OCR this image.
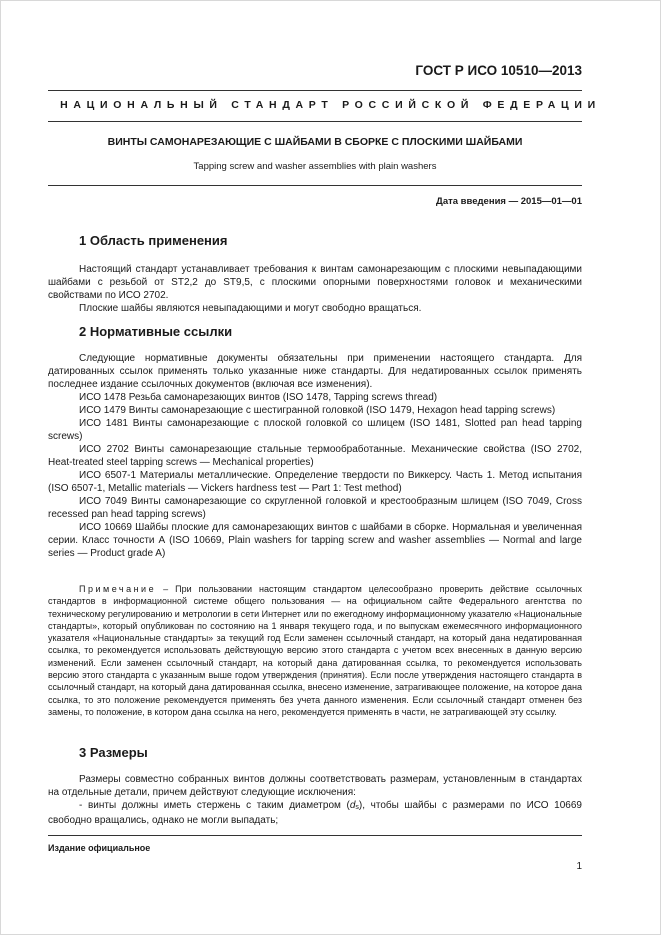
ГОСТ Р ИСО 10510—2013
НАЦИОНАЛЬНЫЙ СТАНДАРТ РОССИЙСКОЙ ФЕДЕРАЦИИ
ВИНТЫ САМОНАРЕЗАЮЩИЕ С ШАЙБАМИ В СБОРКЕ С ПЛОСКИМИ ШАЙБАМИ
Tapping screw and washer assemblies with plain washers
Дата введения — 2015—01—01
1 Область применения

Настоящий стандарт устанавливает требования к винтам самонарезающим с плоскими невыпадающими шайбами с резьбой от ST2,2 до ST9,5, с плоскими опорными поверхностями головок и механическими свойствами по ИСО 2702.

Плоские шайбы являются невыпадающими и могут свободно вращаться.

2 Нормативные ссылки

Следующие нормативные документы обязательны при применении настоящего стандарта. Для датированных ссылок применять только указанные ниже стандарты. Для недатированных ссылок применять последнее издание ссылочных документов (включая все изменения).

ИСО 1478 Резьба самонарезающих винтов (ISO 1478, Tapping screws thread)

ИСО 1479 Винты самонарезающие с шестигранной головкой (ISO 1479, Hexagon head tapping screws)

ИСО 1481 Винты самонарезающие с плоской головкой со шлицем (ISO 1481, Slotted pan head tapping screws)

ИСО 2702 Винты самонарезающие стальные термообработанные. Механические свойства (ISO 2702, Heat-treated steel tapping screws — Mechanical properties)

ИСО 6507-1 Материалы металлические. Определение твердости по Виккерсу. Часть 1. Метод испытания (ISO 6507-1, Metallic materials — Vickers hardness test — Part 1: Test method)

ИСО 7049 Винты самонарезающие со скругленной головкой и крестообразным шлицем (ISO 7049, Cross recessed pan head tapping screws)

ИСО 10669 Шайбы плоские для самонарезающих винтов с шайбами в сборке. Нормальная и увеличенная серии. Класс точности А (ISO 10669, Plain washers for tapping screw and washer assemblies — Normal and large series — Product grade A)

Примечание – При пользовании настоящим стандартом целесообразно проверить действие ссылочных стандартов в информационной системе общего пользования — на официальном сайте Федерального агентства по техническому регулированию и метрологии в сети Интернет или по ежегодному информационному указателю «Национальные стандарты», который опубликован по состоянию на 1 января текущего года, и по выпускам ежемесячного информационного указателя «Национальные стандарты» за текущий год Если заменен ссылочный стандарт, на который дана недатированная ссылка, то рекомендуется использовать действующую версию этого стандарта с учетом всех внесенных в данную версию изменений. Если заменен ссылочный стандарт, на который дана датированная ссылка, то рекомендуется использовать версию этого стандарта с указанным выше годом утверждения (принятия). Если после утверждения настоящего стандарта в ссылочный стандарт, на который дана датированная ссылка, внесено изменение, затрагивающее положение, на которое дана ссылка, то это положение рекомендуется применять без учета данного изменения. Если ссылочный стандарт отменен без замены, то положение, в котором дана ссылка на него, рекомендуется применять в части, не затрагивающей эту ссылку.

3 Размеры

Размеры совместно собранных винтов должны соответствовать размерам, установленным в стандартах на отдельные детали, причем действуют следующие исключения:

- винты должны иметь стержень с таким диаметром (ds), чтобы шайбы с размерами по ИСО 10669 свободно вращались, однако не могли выпадать;

Издание официальное
1
